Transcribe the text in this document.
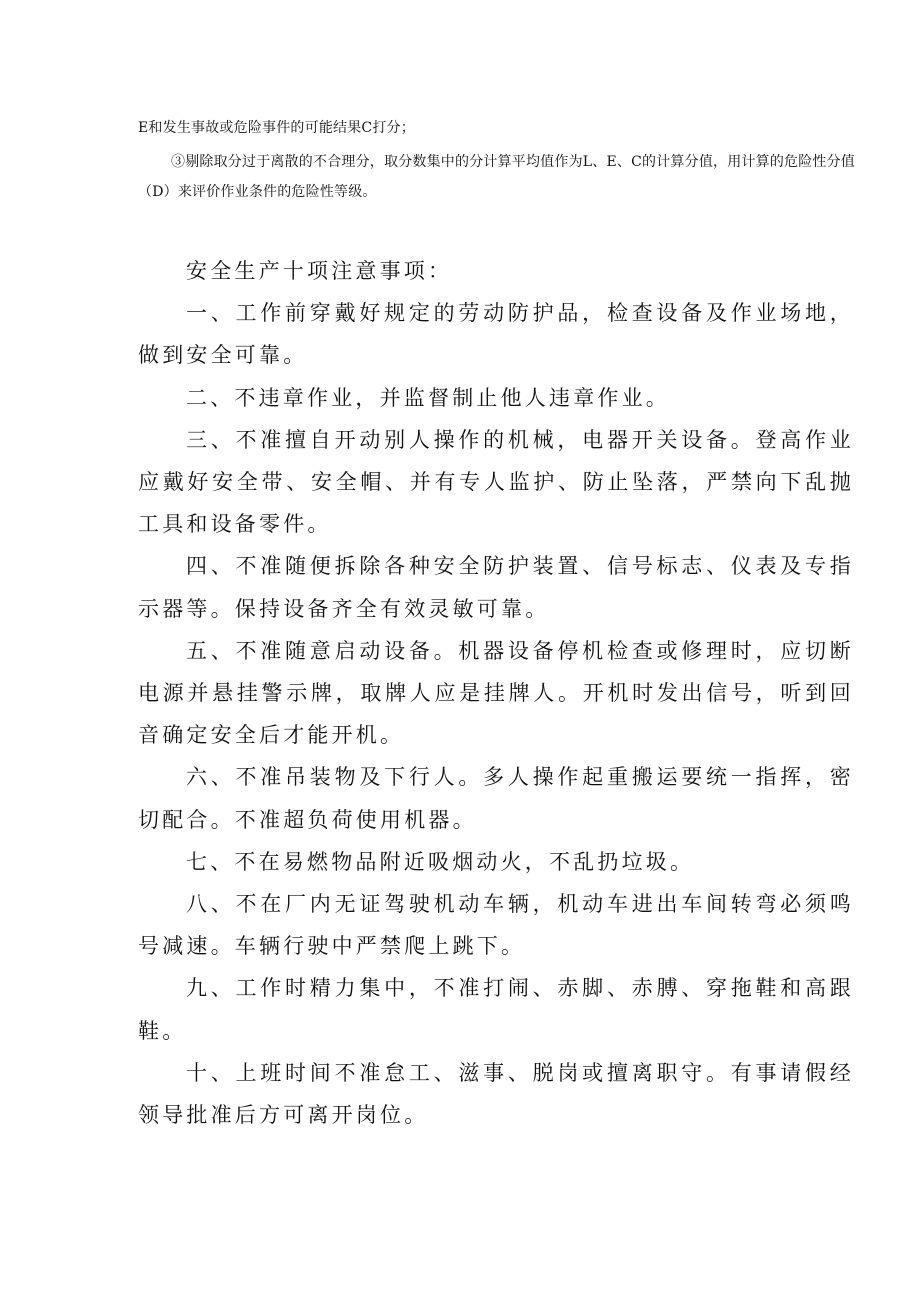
E和发生事故或危险事件的可能结果C打分；
③剔除取分过于离散的不合理分，取分数集中的分计算平均值作为L、E、C的计算分值，用计算的危险性分值（D）来评价作业条件的危险性等级。

安全生产十项注意事项：

一、工作前穿戴好规定的劳动防护品，检查设备及作业场地，做到安全可靠。

二、不违章作业，并监督制止他人违章作业。

三、不准擅自开动别人操作的机械，电器开关设备。登高作业应戴好安全带、安全帽、并有专人监护、防止坠落，严禁向下乱抛工具和设备零件。

四、不准随便拆除各种安全防护装置、信号标志、仪表及专指示器等。保持设备齐全有效灵敏可靠。

五、不准随意启动设备。机器设备停机检查或修理时，应切断电源并悬挂警示牌，取牌人应是挂牌人。开机时发出信号，听到回音确定安全后才能开机。

六、不准吊装物及下行人。多人操作起重搬运要统一指挥，密切配合。不准超负荷使用机器。

七、不在易燃物品附近吸烟动火，不乱扔垃圾。

八、不在厂内无证驾驶机动车辆，机动车进出车间转弯必须鸣号减速。车辆行驶中严禁爬上跳下。

九、工作时精力集中，不准打闹、赤脚、赤膊、穿拖鞋和高跟鞋。

十、上班时间不准怠工、滋事、脱岗或擅离职守。有事请假经领导批准后方可离开岗位。
